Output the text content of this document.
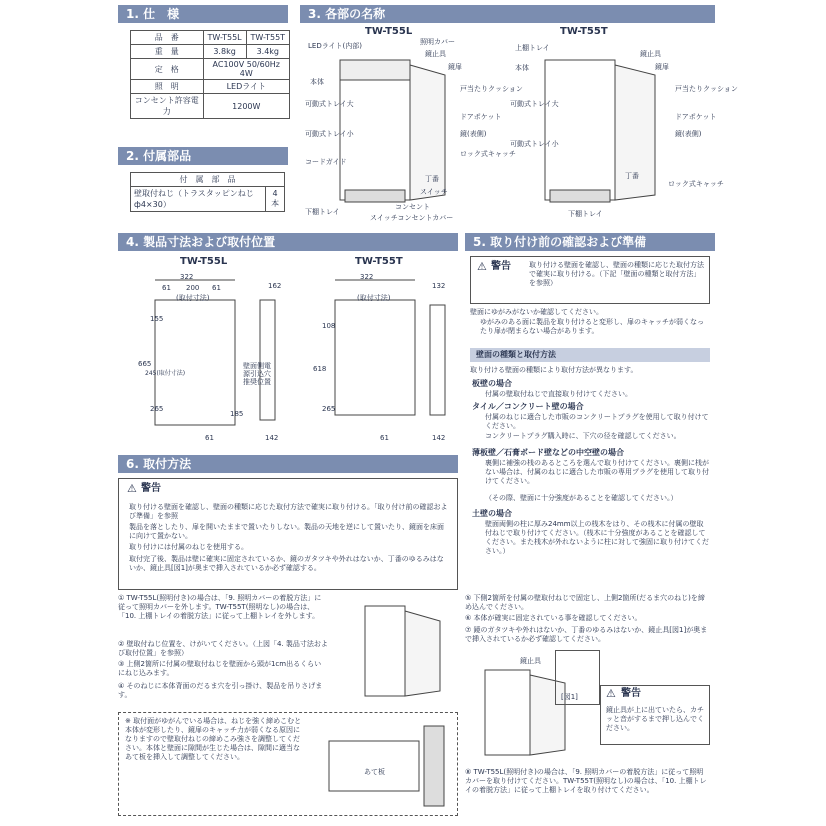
1. 仕　様
2. 付属部品
3. 各部の名称
4. 製品寸法および取付位置	5. 取り付け前の確認および準備
6. 取付方法
品　番	TW-T55L	TW-T55T
重　量	3.8kg	3.4kg
定　格	AC100V 50/60Hz 4W	
照　明	LEDライト	
コンセント許容電力	1200W	
付　属　部　品
壁取付ねじ（トラスタッピンねじ ф4×30）	4本
TW-T55L	TW-T55T
LEDライト(内部)	照明カバー
鏡止具
鏡扉
本体
可動式トレイ大
戸当たりクッション
ドアポケット
可動式トレイ小	鏡(表側)
コードガイド
ロック式キャッチ
丁番
スイッチ
下棚トレイ
コンセント
スイッチコンセントカバー
上棚トレイ
鏡止具
本体	鏡扉
戸当たりクッション
可動式トレイ大
ドアポケット
鏡(表側)
可動式トレイ小
丁番
ロック式キャッチ
下棚トレイ
TW-T55L	TW-T55T
322
61 200 61
(取付寸法)
162
665
155
245(取付寸法)
265
壁面側電源引込穴推奨位置
185
61	142
322
(取付寸法)
132
618
108
265
61	142
⚠ 警告	取り付ける壁面を確認し、壁面の種類に応じた取付方法で確実に取り付ける。（下記「壁面の種類と取付方法」を参照）
壁面にゆがみがないか確認してください。
ゆがみのある面に製品を取り付けると変形し、扉のキャッチが弱くなったり扉が閉まらない場合があります。
壁面の種類と取付方法
取り付ける壁面の種類により取付方法が異なります。
板壁の場合
付属の壁取付ねじで直接取り付けてください。
タイル／コンクリート壁の場合
付属のねじに適合した市販のコンクリートプラグを使用して取り付けてください。
コンクリートプラグ購入時に、下穴の径を確認してください。
薄板壁／石膏ボード壁などの中空壁の場合
裏側に補強の桟のあるところを選んで取り付けてください。裏側に桟がない場合は、付属のねじに適合した市販の専用プラグを使用して取り付けてください。
（その際、壁面に十分強度があることを確認してください。）
土壁の場合
壁面両側の柱に厚み24mm以上の桟木をはり、その桟木に付属の壁取付ねじで取り付けてください。（桟木に十分強度があることを確認してください。また桟木が外れないように柱に対して強固に取り付けてください。）
⚠ 警告
取り付ける壁面を確認し、壁面の種類に応じた取付方法で確実に取り付ける。「取り付け前の確認および準備」を参照
製品を落としたり、扉を開いたままで置いたりしない。製品の天地を逆にして置いたり、鏡面を床面に向けて置かない。
取り付けには付属のねじを使用する。
取付完了後、製品は壁に確実に固定されているか、鏡のガタツキや外れはないか、丁番のゆるみはないか、鏡止具[図1]が奥まで挿入されているか必ず確認する。
① TW-T55L(照明付き)の場合は、「9. 照明カバーの着脱方法」に従って照明カバーを外します。TW-T55T(照明なし)の場合は、「10. 上棚トレイの着脱方法」に従って上棚トレイを外します。
② 壁取付ねじ位置を、けがいてください。（上図「4. 製品寸法および取付位置」を参照）
③ 上側2箇所に付属の壁取付ねじを壁面から頭が1cm出るくらいにねじ込みます。
④ そのねじに本体背面のだるま穴を引っ掛け、製品を吊りさげます。
※ 取付面がゆがんでいる場合は、ねじを強く締めこむと本体が変形したり、鏡扉のキャッチ力が弱くなる原因になりますので壁取付ねじの締めこみ強さを調整してください。本体と壁面に隙間が生じた場合は、隙間に適当なあて板を挿入して調整してください。
あて板
⑤ 下側2箇所を付属の壁取付ねじで固定し、上側2箇所(だるま穴のねじ)を締め込んでください。
⑥ 本体が確実に固定されている事を確認してください。
⑦ 鏡のガタツキや外れはないか、丁番のゆるみはないか、鏡止具[図1]が奥まで挿入されているか必ず確認してください。
鏡止具
[図1]	⚠ 警告
鏡止具が上に出ていたら、カチッと音がするまで押し込んでください。
⑧ TW-T55L(照明付き)の場合は、「9. 照明カバーの着脱方法」に従って照明カバーを取り付けてください。TW-T55T(照明なし)の場合は、「10. 上棚トレイの着脱方法」に従って上棚トレイを取り付けてください。
